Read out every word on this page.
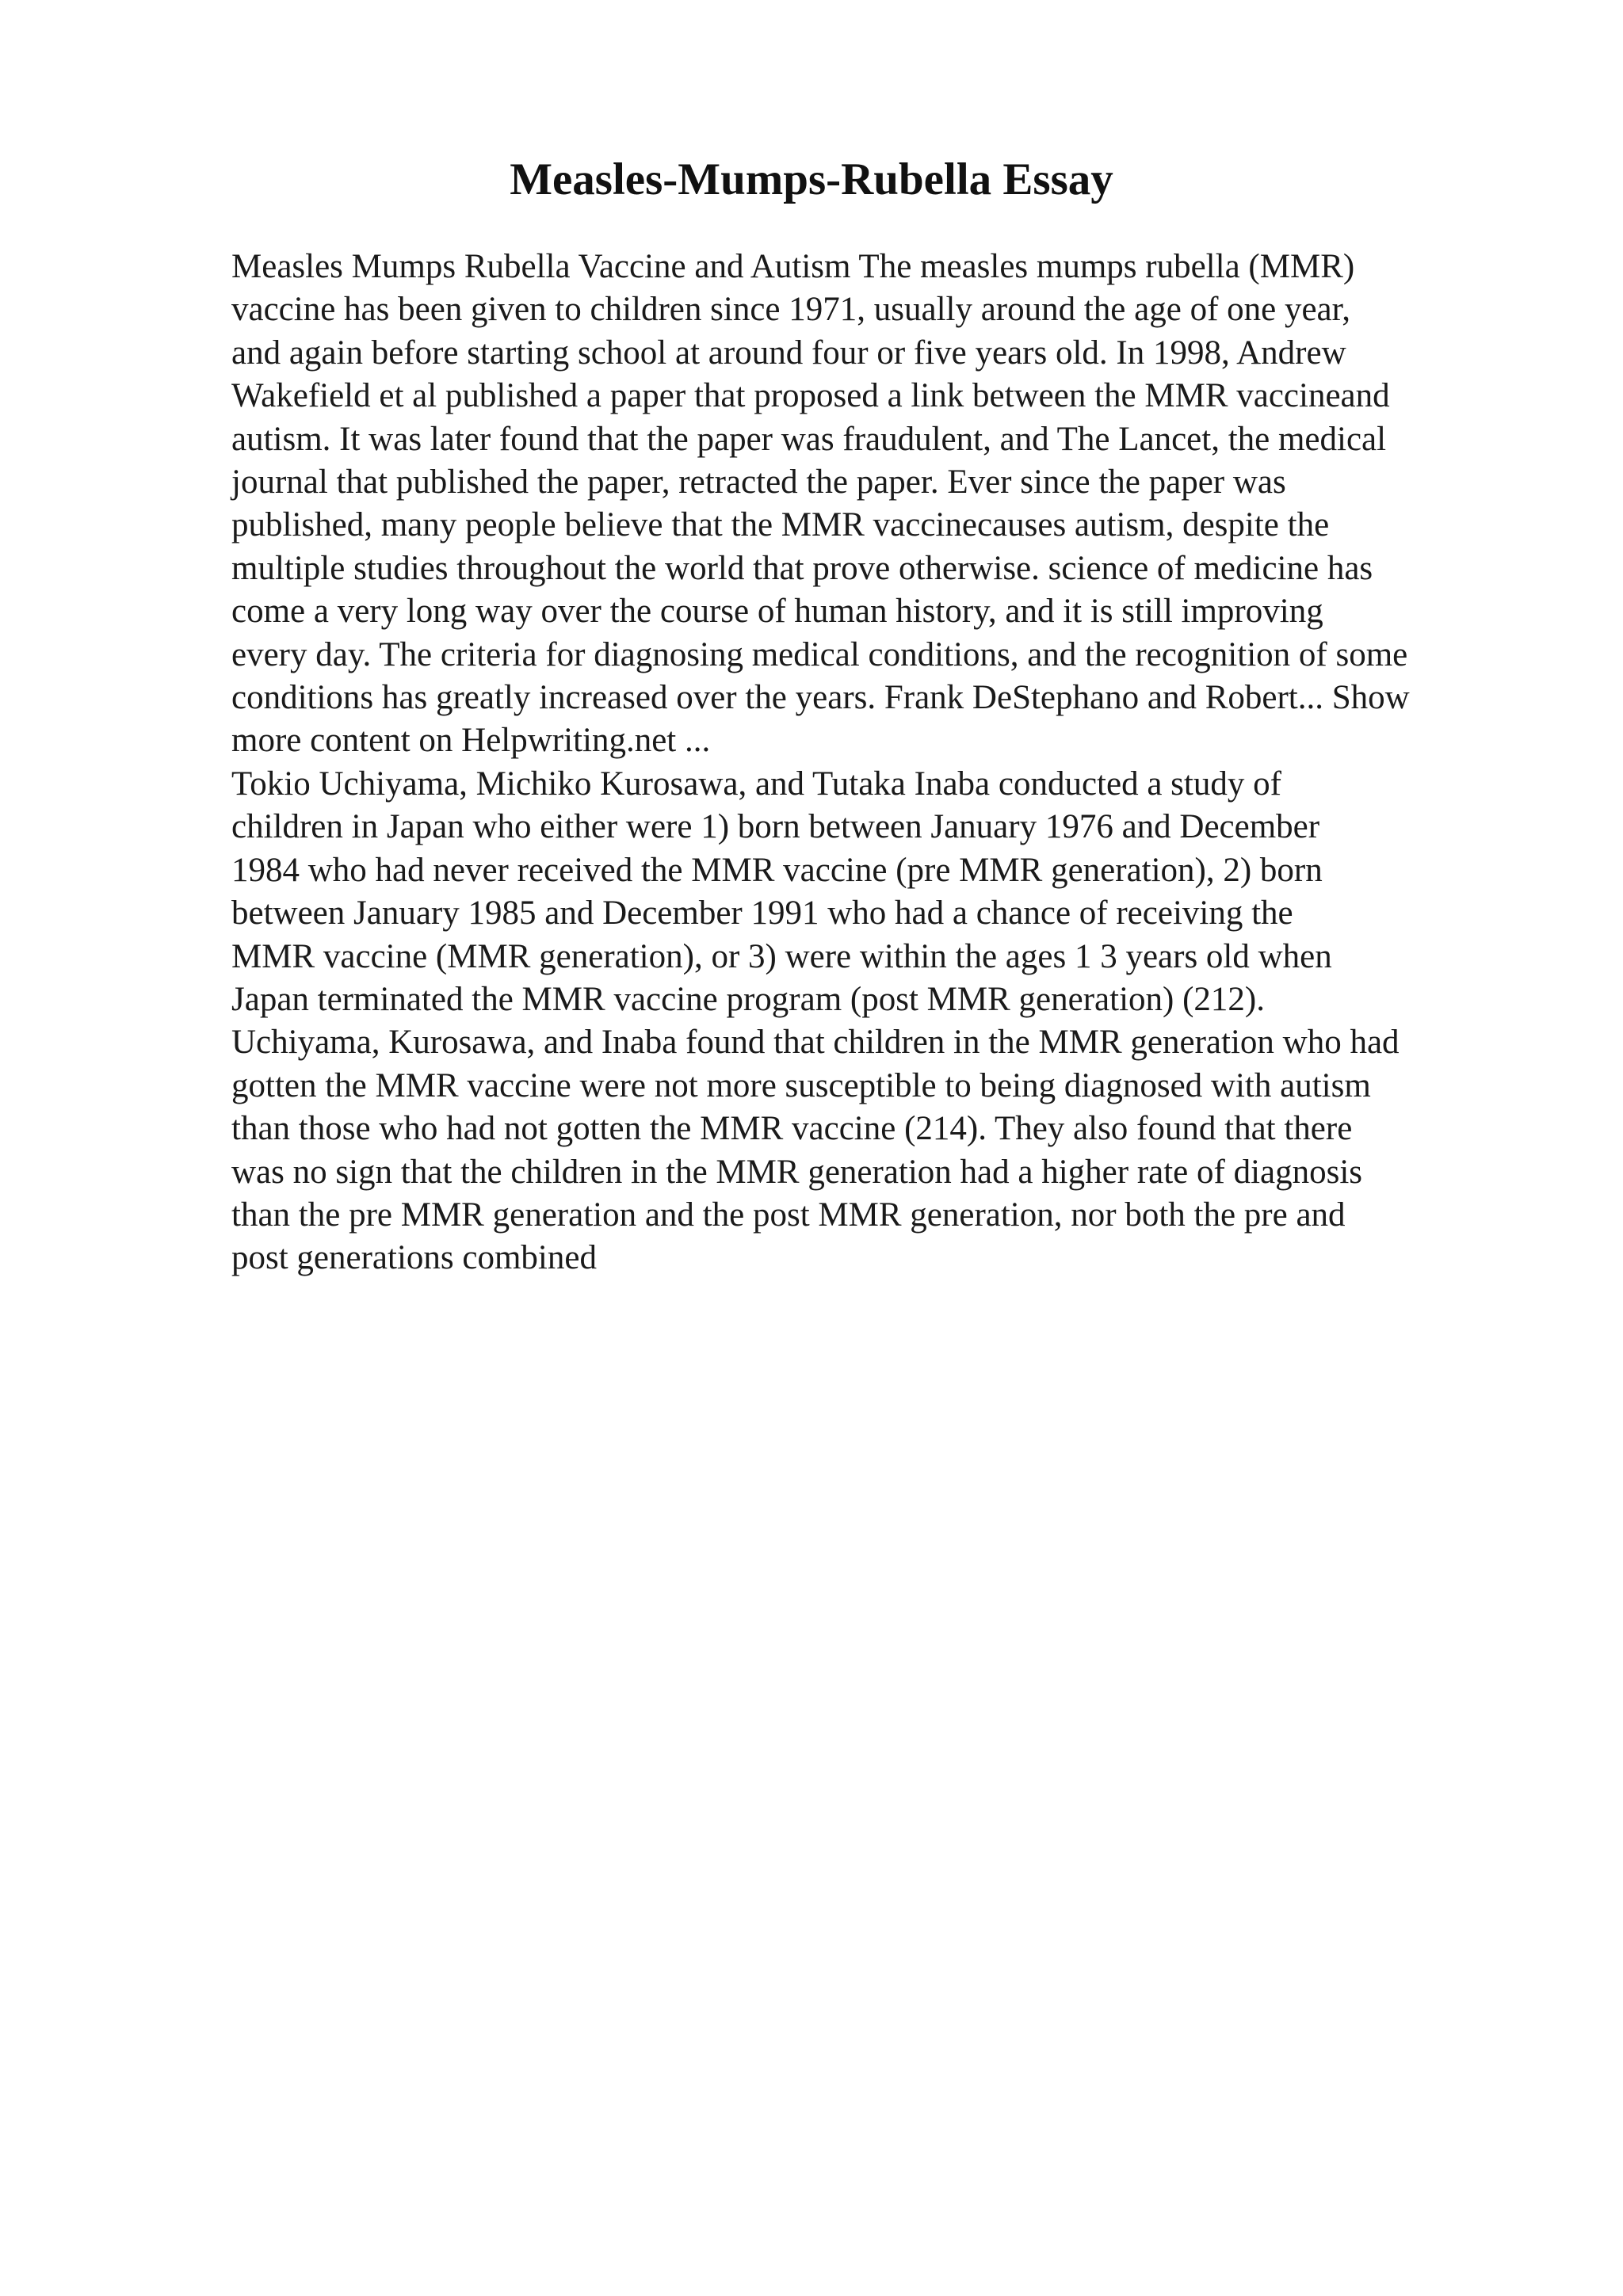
Measles-Mumps-Rubella Essay
Measles Mumps Rubella Vaccine and Autism The measles mumps rubella (MMR)
vaccine has been given to children since 1971, usually around the age of one year,
and again before starting school at around four or five years old. In 1998, Andrew
Wakefield et al published a paper that proposed a link between the MMR vaccineand
autism. It was later found that the paper was fraudulent, and The Lancet, the medical
journal that published the paper, retracted the paper. Ever since the paper was
published, many people believe that the MMR vaccinecauses autism, despite the
multiple studies throughout the world that prove otherwise. science of medicine has
come a very long way over the course of human history, and it is still improving
every day. The criteria for diagnosing medical conditions, and the recognition of some
conditions has greatly increased over the years. Frank DeStephano and Robert... Show
more content on Helpwriting.net ...
Tokio Uchiyama, Michiko Kurosawa, and Tutaka Inaba conducted a study of
children in Japan who either were 1) born between January 1976 and December
1984 who had never received the MMR vaccine (pre MMR generation), 2) born
between January 1985 and December 1991 who had a chance of receiving the
MMR vaccine (MMR generation), or 3) were within the ages 1 3 years old when
Japan terminated the MMR vaccine program (post MMR generation) (212).
Uchiyama, Kurosawa, and Inaba found that children in the MMR generation who had
gotten the MMR vaccine were not more susceptible to being diagnosed with autism
than those who had not gotten the MMR vaccine (214). They also found that there
was no sign that the children in the MMR generation had a higher rate of diagnosis
than the pre MMR generation and the post MMR generation, nor both the pre and
post generations combined
